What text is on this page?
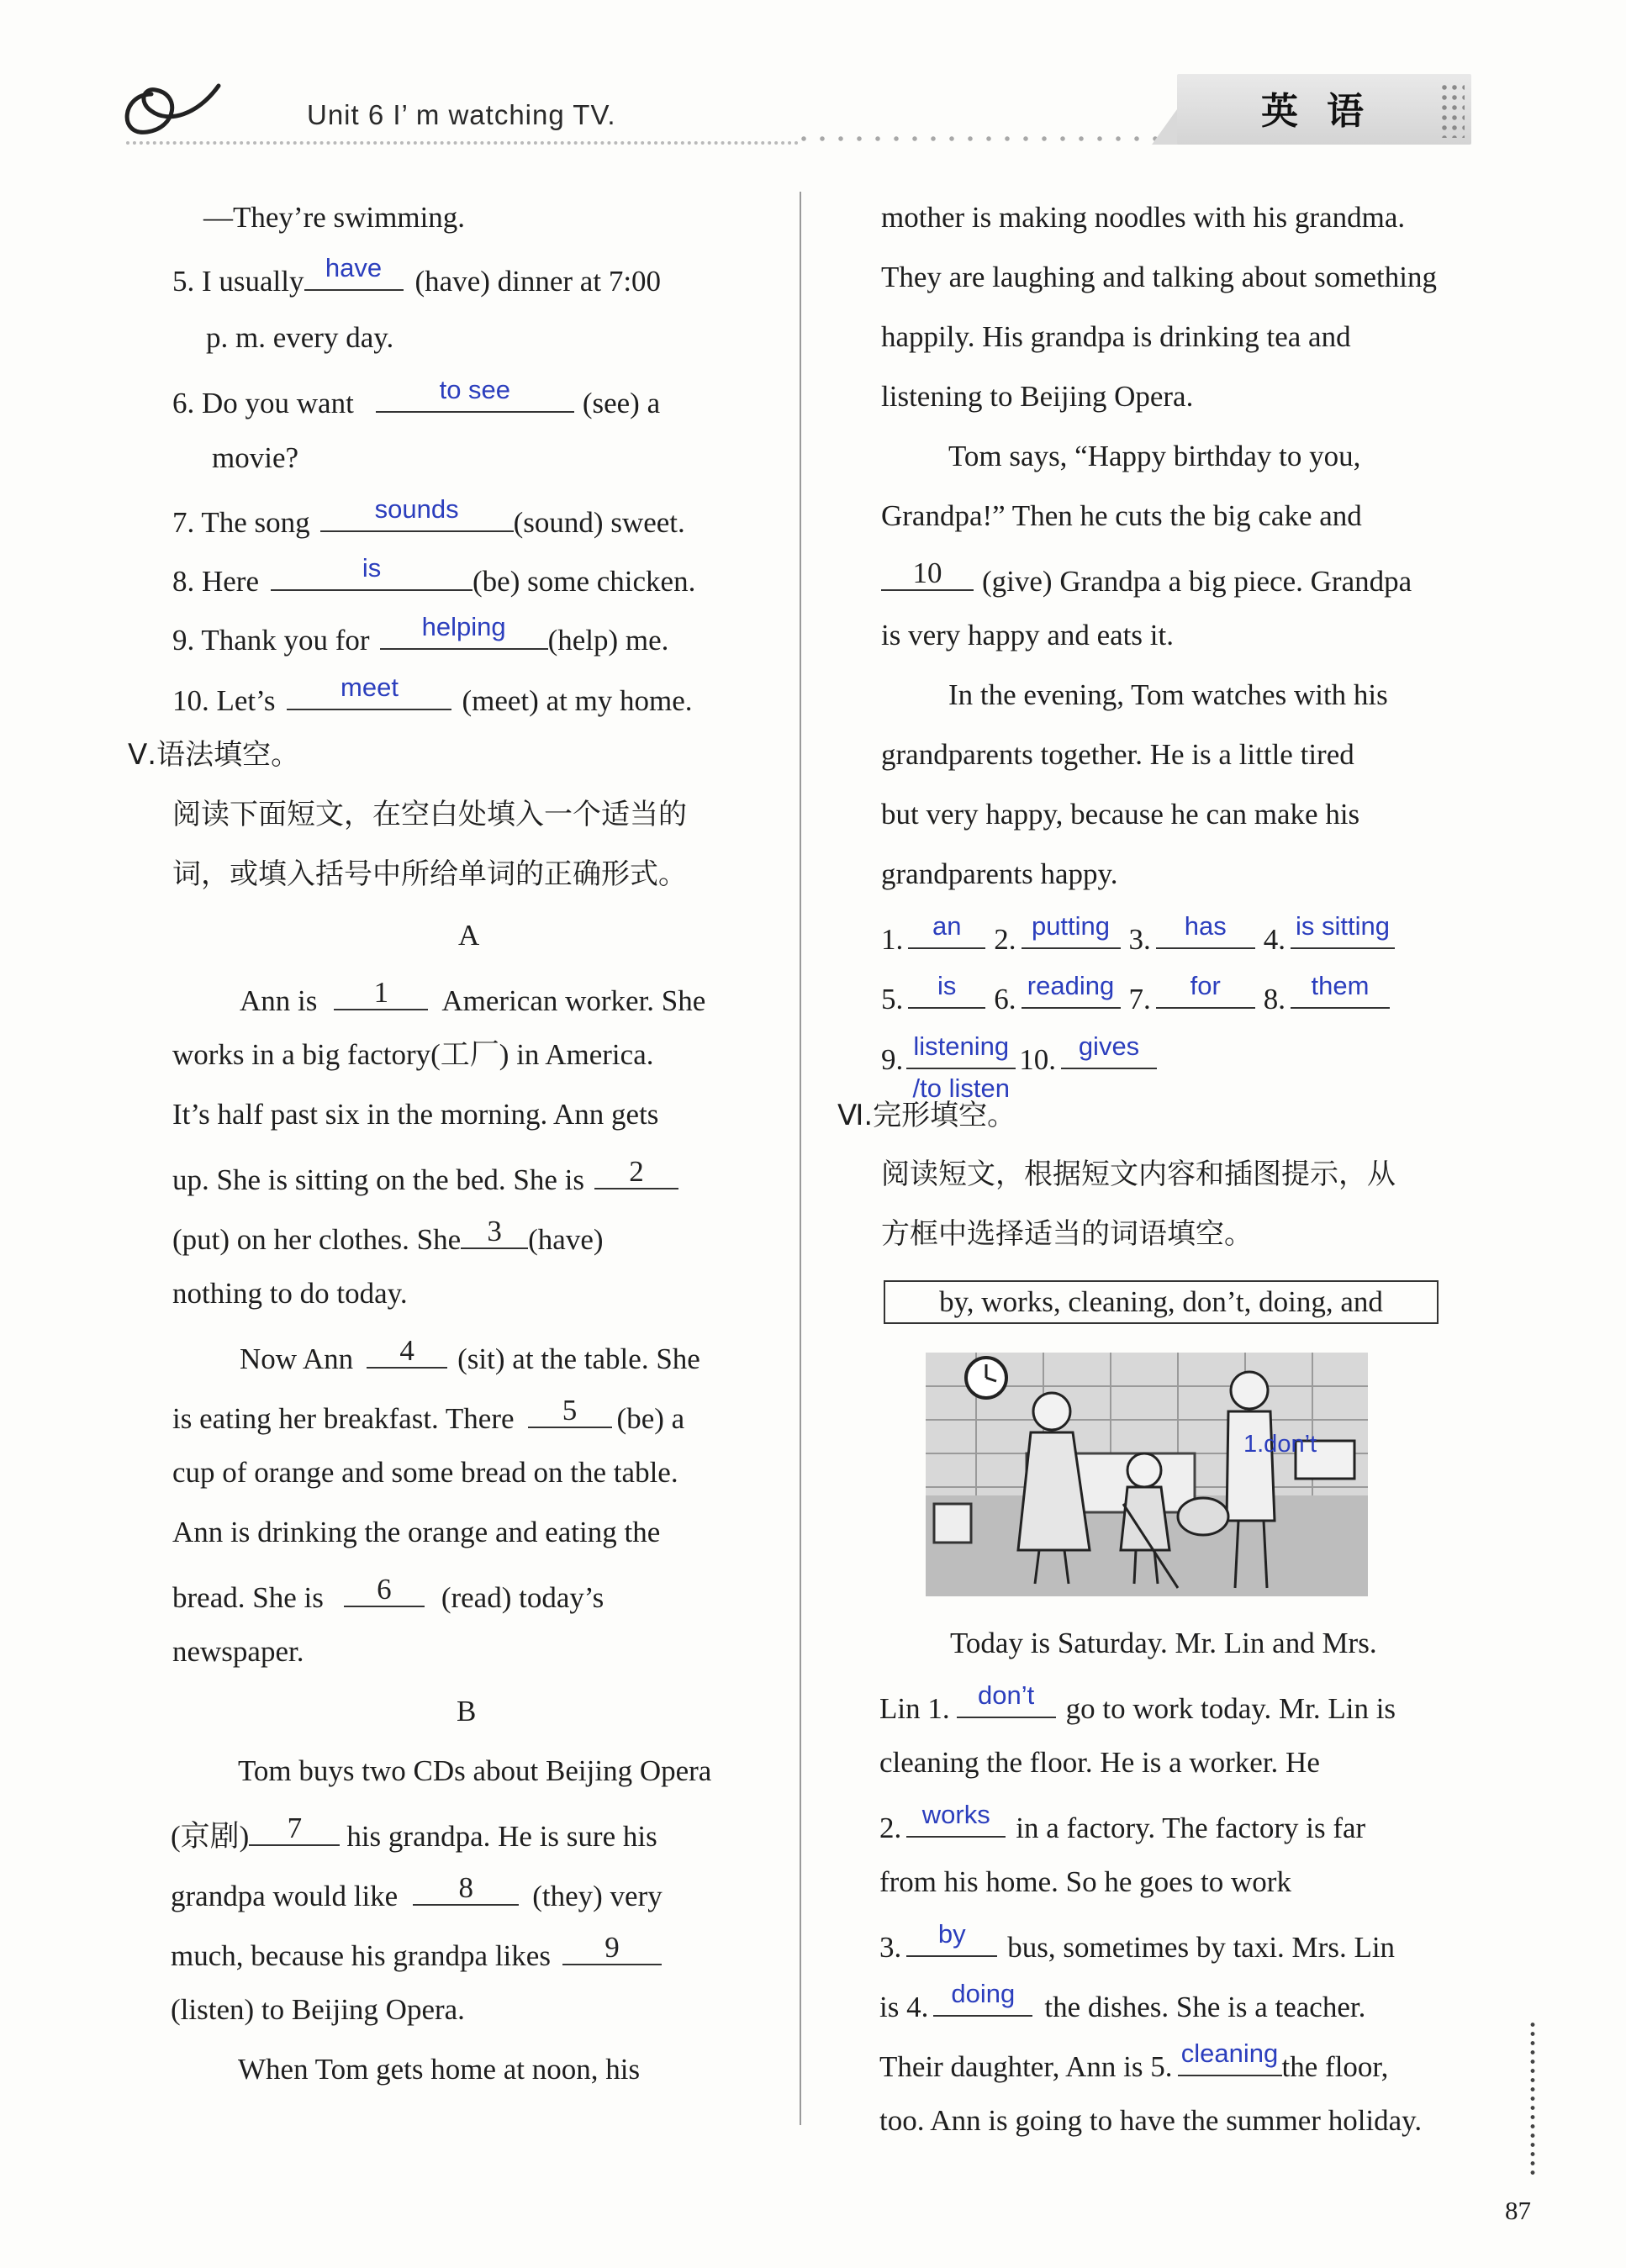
Unit 6 I’ m watching TV.	英语
—They’re swimming.
5. I usually have	(have) dinner at 7:00
p. m. every day.
6. Do you want	to see	(see) a
movie?
7. The song	sounds	(sound) sweet.
8. Here	is	(be) some chicken.
9. Thank you for	helping	(help) me.
10. Let’s	meet	(meet) at my home.
Ⅴ.语法填空。
阅读下面短文，在空白处填入一个适当的
词，或填入括号中所给单词的正确形式。
A
Ann is	1	American worker. She
works in a big factory(工厂) in America.
It’s half past six in the morning. Ann gets
up. She is sitting on the bed. She is	2
(put) on her clothes. She 3 (have)
nothing to do today.
Now Ann	4	(sit) at the table. She
is eating her breakfast. There	5	(be) a
cup of orange and some bread on the table.
Ann is drinking the orange and eating the
bread. She is	6	(read) today’s
newspaper.
B
Tom buys two CDs about Beijing Opera
(京剧)	7	his grandpa. He is sure his
grandpa would like	8	(they) very
much, because his grandpa likes	9
(listen) to Beijing Opera.
When Tom gets home at noon, his
mother is making noodles with his grandma.
They are laughing and talking about something
happily. His grandpa is drinking tea and
listening to Beijing Opera.
Tom says, “Happy birthday to you,
Grandpa!” Then he cuts the big cake and
10	(give) Grandpa a big piece. Grandpa
is very happy and eats it.
In the evening, Tom watches with his
grandparents together. He is a little tired
but very happy, because he can make his
grandparents happy.
1.	an	2. putting 3.	has	4. is sitting
5.	is	6. reading 7.	for	8. them
9. listening
/to listen
10. gives
Ⅵ.完形填空。
阅读短文，根据短文内容和插图提示，从
方框中选择适当的词语填空。
by, works, cleaning, don’t, doing, and
1.don’t
Today is Saturday. Mr. Lin and Mrs.
Lin 1.	don’t	go to work today. Mr. Lin is
cleaning the floor. He is a worker. He
2. works in a factory. The factory is far
from his home. So he goes to work
3.	by	bus, sometimes by taxi. Mrs. Lin
is 4. doing	the dishes. She is a teacher.
Their daughter, Ann is 5. cleaning the floor,
too. Ann is going to have the summer holiday.
87
